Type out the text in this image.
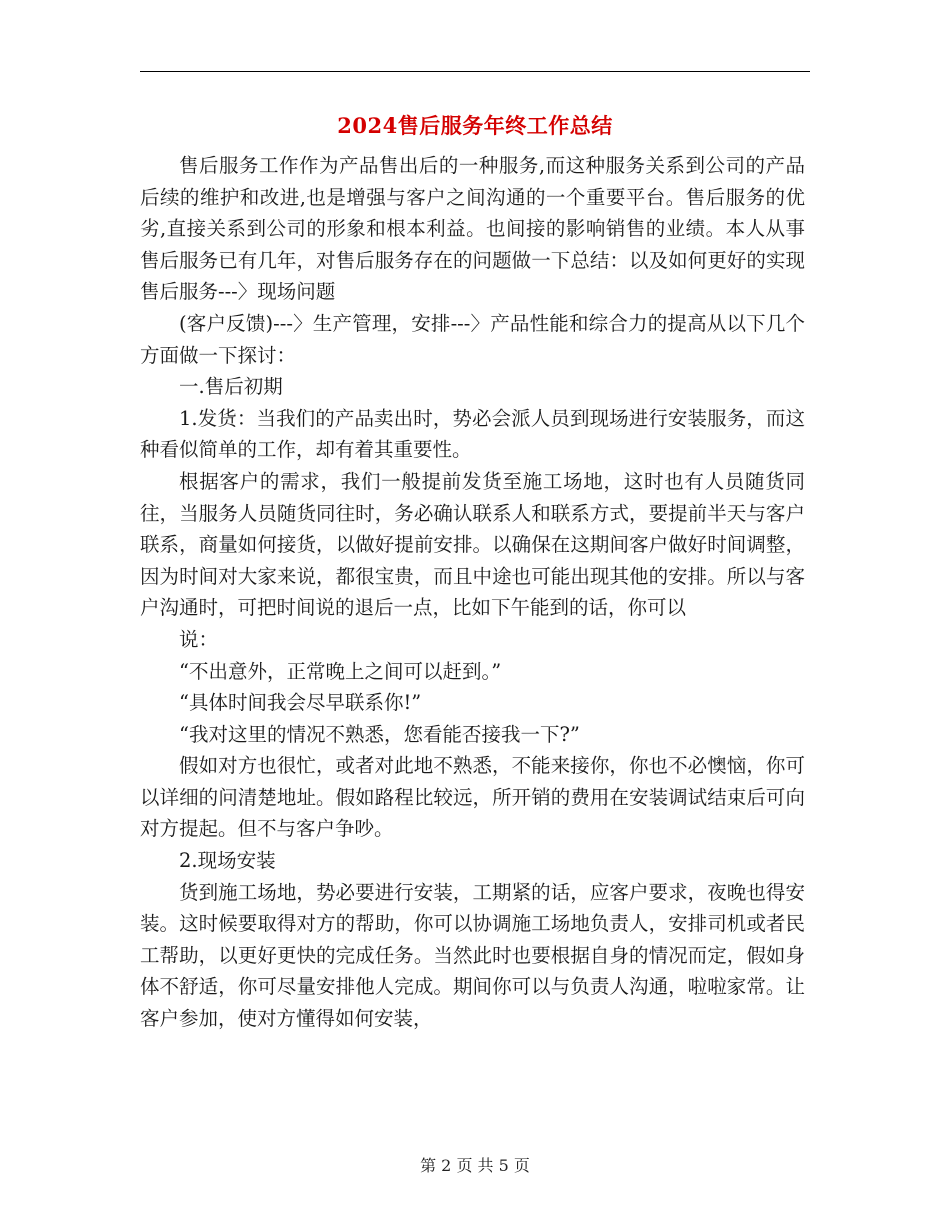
2024售后服务年终工作总结

售后服务工作作为产品售出后的一种服务,而这种服务关系到公司的产品后续的维护和改进,也是增强与客户之间沟通的一个重要平台。售后服务的优劣,直接关系到公司的形象和根本利益。也间接的影响销售的业绩。本人从事售后服务已有几年，对售后服务存在的问题做一下总结：以及如何更好的实现售后服务---〉现场问题

(客户反馈)---〉生产管理，安排---〉产品性能和综合力的提高从以下几个方面做一下探讨：

一.售后初期

1.发货：当我们的产品卖出时，势必会派人员到现场进行安装服务，而这种看似简单的工作，却有着其重要性。

根据客户的需求，我们一般提前发货至施工场地，这时也有人员随货同往，当服务人员随货同往时，务必确认联系人和联系方式，要提前半天与客户联系，商量如何接货，以做好提前安排。以确保在这期间客户做好时间调整，因为时间对大家来说，都很宝贵，而且中途也可能出现其他的安排。所以与客户沟通时，可把时间说的退后一点，比如下午能到的话，你可以

说：

“不出意外，正常晚上之间可以赶到。”

“具体时间我会尽早联系你!”

“我对这里的情况不熟悉，您看能否接我一下?”

假如对方也很忙，或者对此地不熟悉，不能来接你，你也不必懊恼，你可以详细的问清楚地址。假如路程比较远，所开销的费用在安装调试结束后可向对方提起。但不与客户争吵。

2.现场安装

货到施工场地，势必要进行安装，工期紧的话，应客户要求，夜晚也得安装。这时候要取得对方的帮助，你可以协调施工场地负责人，安排司机或者民工帮助，以更好更快的完成任务。当然此时也要根据自身的情况而定，假如身体不舒适，你可尽量安排他人完成。期间你可以与负责人沟通，啦啦家常。让客户参加，使对方懂得如何安装，

第 2 页 共 5 页
